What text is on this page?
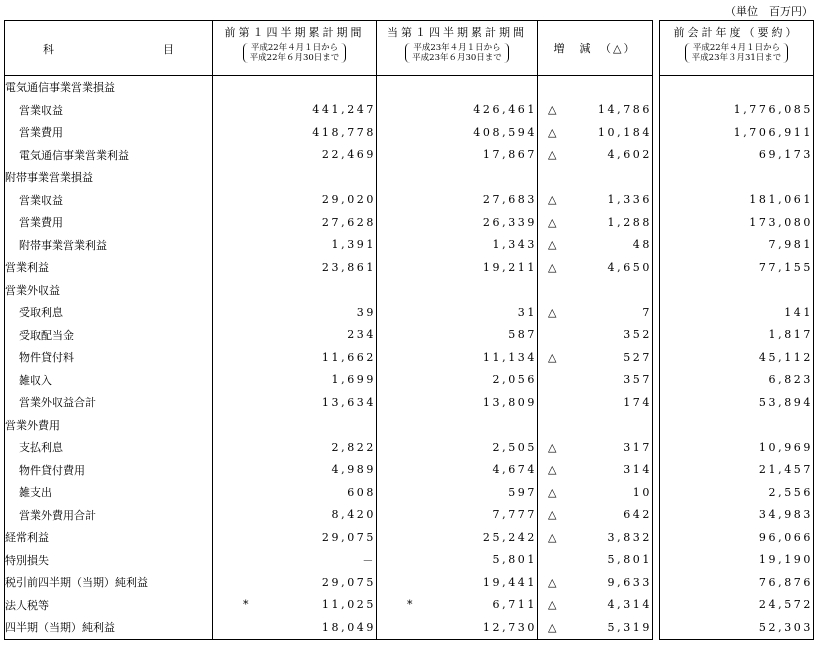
（単位　百万円）
科 目	前第１四半期累計期間
平成22年４月１日から
平成22年６月30日まで	当第１四半期累計期間
平成23年４月１日から
平成23年６月30日まで	増　減　（△）		前会計年度（要約）
平成22年４月１日から
平成23年３月31日まで
電気通信事業営業損益					
営業収益	441,247	426,461	△ 14,786		1,776,085
営業費用	418,778	408,594	△ 10,184		1,706,911
電気通信事業営業利益	22,469	17,867	△ 4,602		69,173
附帯事業営業損益					
営業収益	29,020	27,683	△ 1,336		181,061
営業費用	27,628	26,339	△ 1,288		173,080
附帯事業営業利益	1,391	1,343	△ 48		7,981
営業利益	23,861	19,211	△ 4,650		77,155
営業外収益					
受取利息	39	31	△ 7		141
受取配当金	234	587	352		1,817
物件貸付料	11,662	11,134	△ 527		45,112
雑収入	1,699	2,056	357		6,823
営業外収益合計	13,634	13,809	174		53,894
営業外費用					
支払利息	2,822	2,505	△ 317		10,969
物件貸付費用	4,989	4,674	△ 314		21,457
雑支出	608	597	△ 10		2,556
営業外費用合計	8,420	7,777	△ 642		34,983
経常利益	29,075	25,242	△ 3,832		96,066
特別損失	－	5,801	5,801		19,190
税引前四半期（当期）純利益	29,075	19,441	△ 9,633		76,876
法人税等	* 11,025	* 6,711	△ 4,314		24,572
四半期（当期）純利益	18,049	12,730	△ 5,319		52,303
